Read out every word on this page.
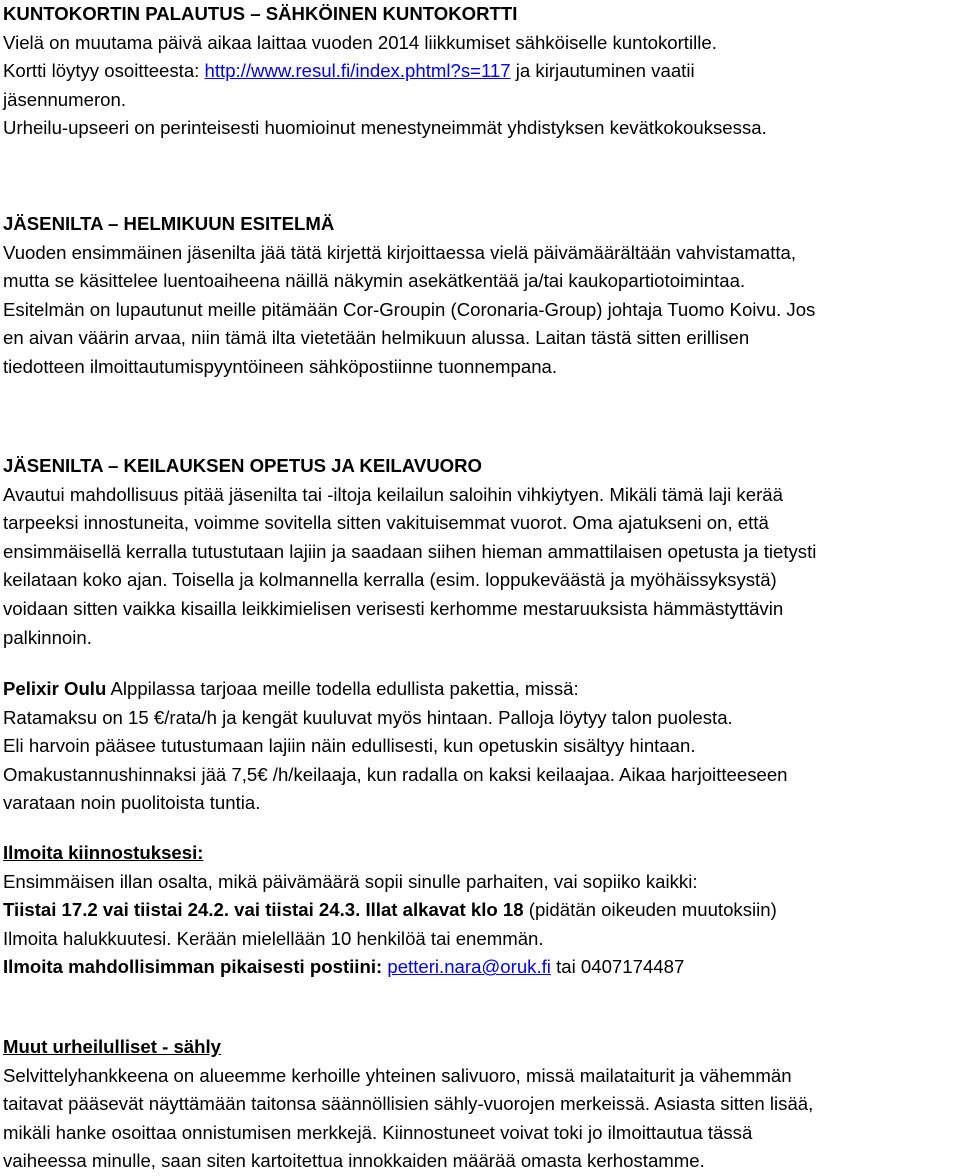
KUNTOKORTIN PALAUTUS – SÄHKÖINEN KUNTOKORTTI
Vielä on muutama päivä aikaa laittaa vuoden 2014 liikkumiset sähköiselle kuntokortille.
Kortti löytyy osoitteesta: http://www.resul.fi/index.phtml?s=117 ja kirjautuminen vaatii
jäsennumeron.
Urheilu-upseeri on perinteisesti huomioinut menestyneimmät yhdistyksen kevätkokouksessa.
JÄSENILTA – HELMIKUUN ESITELMÄ
Vuoden ensimmäinen jäsenilta jää tätä kirjettä kirjoittaessa vielä päivämäärältään vahvistamatta,
mutta se käsittelee luentoaiheena näillä näkymin asekätkentää ja/tai kaukopartiotoimintaa.
Esitelmän on lupautunut meille pitämään Cor-Groupin (Coronaria-Group) johtaja Tuomo Koivu. Jos
en aivan väärin arvaa, niin tämä ilta vietetään helmikuun alussa. Laitan tästä sitten erillisen
tiedotteen ilmoittautumispyyntöineen sähköpostiinne tuonnempana.
JÄSENILTA – KEILAUKSEN OPETUS JA KEILAVUORO
Avautui mahdollisuus pitää jäsenilta tai -iltoja keilailun saloihin vihkiytyen. Mikäli tämä laji kerää
tarpeeksi innostuneita, voimme sovitella sitten vakituisemmat vuorot. Oma ajatukseni on, että
ensimmäisellä kerralla tutustutaan lajiin ja saadaan siihen hieman ammattilaisen opetusta ja tietysti
keilataan koko ajan. Toisella ja kolmannella kerralla (esim. loppukeväästä ja myöhäissyksystä)
voidaan sitten vaikka kisailla leikkimielisen verisesti kerhomme mestaruuksista hämmästyttävin
palkinnoin.
Pelixir Oulu Alppilassa tarjoaa meille todella edullista pakettia, missä:
Ratamaksu on 15 €/rata/h ja kengät kuuluvat myös hintaan. Palloja löytyy talon puolesta.
Eli harvoin pääsee tutustumaan lajiin näin edullisesti, kun opetuskin sisältyy hintaan.
Omakustannushinnaksi jää 7,5€ /h/keilaaja, kun radalla on kaksi keilaajaa. Aikaa harjoitteeseen
varataan noin puolitoista tuntia.
Ilmoita kiinnostuksesi:
Ensimmäisen illan osalta, mikä päivämäärä sopii sinulle parhaiten, vai sopiiko kaikki:
Tiistai 17.2 vai tiistai 24.2. vai tiistai 24.3. Illat alkavat klo 18 (pidätän oikeuden muutoksiin)
Ilmoita halukkuutesi. Kerään mielellään 10 henkilöä tai enemmän.
Ilmoita mahdollisimman pikaisesti postiini: petteri.nara@oruk.fi tai 0407174487
Muut urheilulliset - sähly
Selvittelyhankkeena on alueemme kerhoille yhteinen salivuoro, missä mailataiturit ja vähemmän
taitavat pääsevät näyttämään taitonsa säännöllisien sähly-vuorojen merkeissä. Asiasta sitten lisää,
mikäli hanke osoittaa onnistumisen merkkejä. Kiinnostuneet voivat toki jo ilmoittautua tässä
vaiheessa minulle, saan siten kartoitettua innokkaiden määrää omasta kerhostamme.
